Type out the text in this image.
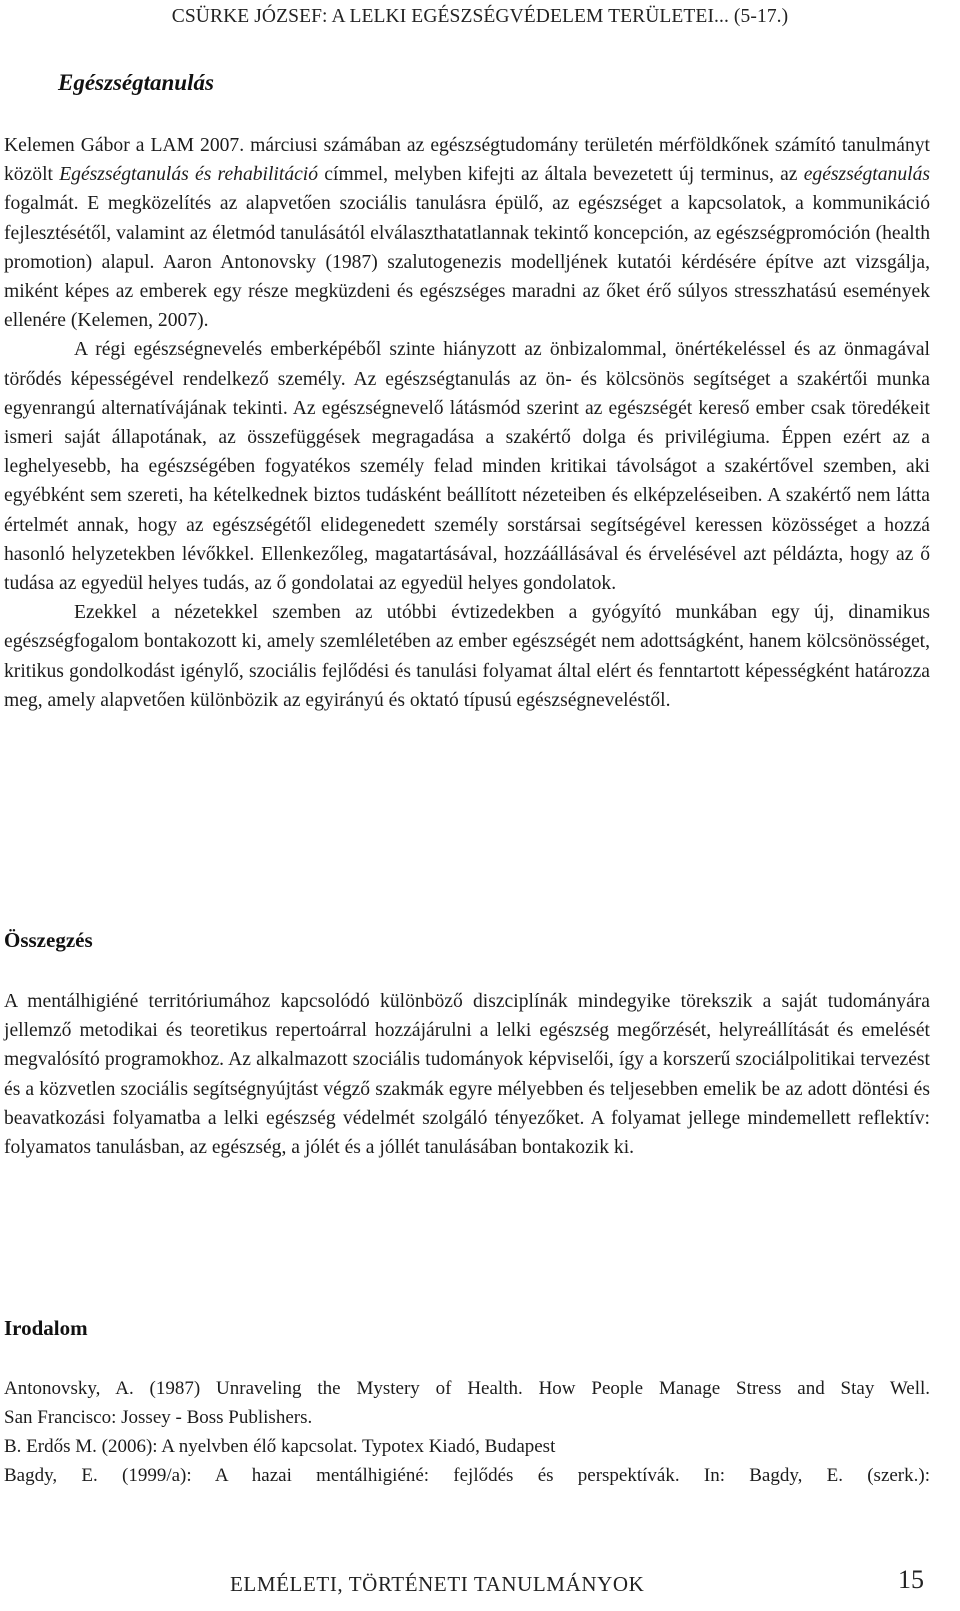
CSÜRKE JÓZSEF: A LELKI EGÉSZSÉGVÉDELEM TERÜLETEI... (5-17.)
Egészségtanulás

Kelemen Gábor a LAM 2007. márciusi számában az egészségtudomány területén mérföldkőnek számító tanulmányt közölt Egészségtanulás és rehabilitáció címmel, melyben kifejti az általa bevezetett új terminus, az egészségtanulás fogalmát. E megközelítés az alapvetően szociális tanulásra épülő, az egészséget a kapcsolatok, a kommunikáció fejlesztésétől, valamint az életmód tanulásától elválaszthatatlannak tekintő koncepción, az egészségpromóción (health promotion) alapul. Aaron Antonovsky (1987) szalutogenezis modelljének kutatói kérdésére építve azt vizsgálja, miként képes az emberek egy része megküzdeni és egészséges maradni az őket érő súlyos stresszhatású események ellenére (Kelemen, 2007).

A régi egészségnevelés emberképéből szinte hiányzott az önbizalommal, önértékeléssel és az önmagával törődés képességével rendelkező személy. Az egészségtanulás az ön- és kölcsönös segítséget a szakértői munka egyenrangú alternatívájának tekinti. Az egészségnevelő látásmód szerint az egészségét kereső ember csak töredékeit ismeri saját állapotának, az összefüggések megragadása a szakértő dolga és privilégiuma. Éppen ezért az a leghelyesebb, ha egészségében fogyatékos személy felad minden kritikai távolságot a szakértővel szemben, aki egyébként sem szereti, ha kételkednek biztos tudásként beállított nézeteiben és elképzeléseiben. A szakértő nem látta értelmét annak, hogy az egészségétől elidegenedett személy sorstársai segítségével keressen közösséget a hozzá hasonló helyzetekben lévőkkel. Ellenkezőleg, magatartásával, hozzáállásával és érvelésével azt példázta, hogy az ő tudása az egyedül helyes tudás, az ő gondolatai az egyedül helyes gondolatok.

Ezekkel a nézetekkel szemben az utóbbi évtizedekben a gyógyító munkában egy új, dinamikus egészségfogalom bontakozott ki, amely szemléletében az ember egészségét nem adottságként, hanem kölcsönösséget, kritikus gondolkodást igénylő, szociális fejlődési és tanulási folyamat által elért és fenntartott képességként határozza meg, amely alapvetően különbözik az egyirányú és oktató típusú egészségneveléstől.

Összegzés

A mentálhigiéné territóriumához kapcsolódó különböző diszciplínák mindegyike törekszik a saját tudományára jellemző metodikai és teoretikus repertoárral hozzájárulni a lelki egészség megőrzését, helyreállítását és emelését megvalósító programokhoz. Az alkalmazott szociális tudományok képviselői, így a korszerű szociálpolitikai tervezést és a közvetlen szociális segítségnyújtást végző szakmák egyre mélyebben és teljesebben emelik be az adott döntési és beavatkozási folyamatba a lelki egészség védelmét szolgáló tényezőket. A folyamat jellege mindemellett reflektív: folyamatos tanulásban, az egészség, a jólét és a jóllét tanulásában bontakozik ki.

Irodalom

Antonovsky, A. (1987) Unraveling the Mystery of Health. How People Manage Stress and Stay Well.

San Francisco: Jossey - Boss Publishers.

B. Erdős M. (2006): A nyelvben élő kapcsolat. Typotex Kiadó, Budapest

Bagdy, E. (1999/a): A hazai mentálhigiéné: fejlődés és perspektívák. In: Bagdy, E. (szerk.):

ELMÉLETI, TÖRTÉNETI TANULMÁNYOK	15
